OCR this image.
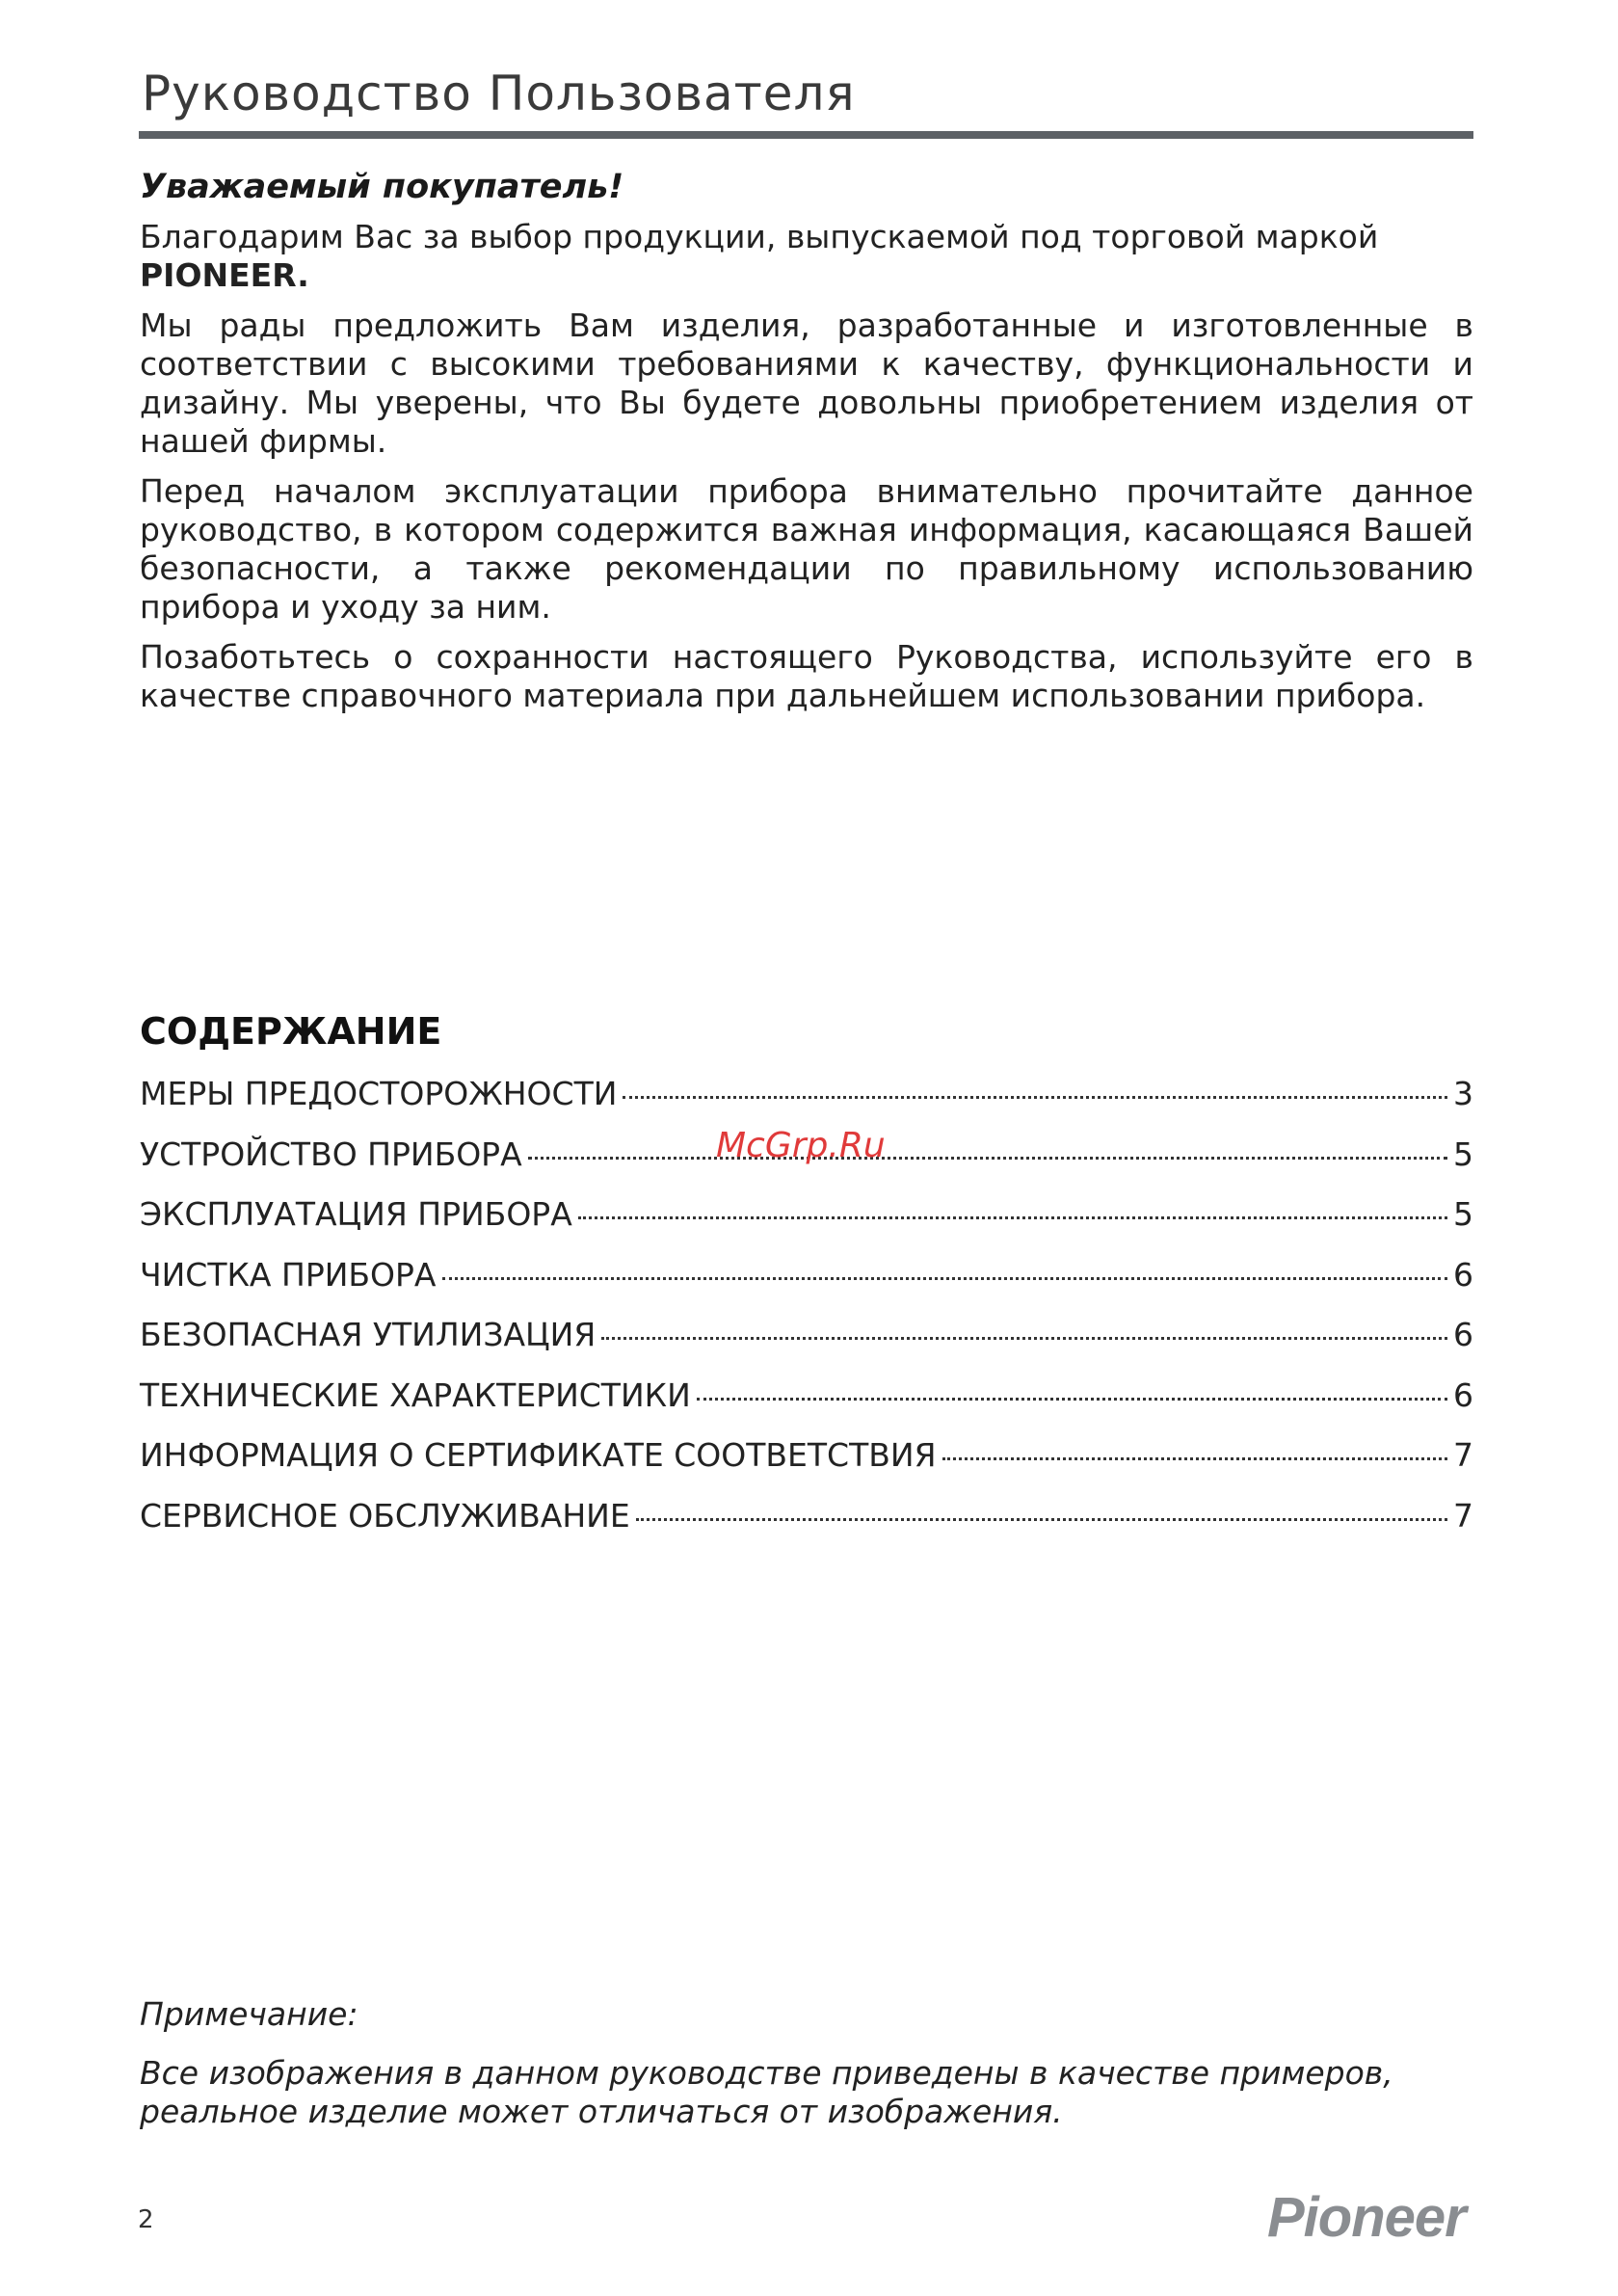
Руководство Пользователя

Уважаемый покупатель!

Благодарим Вас за выбор продукции, выпускаемой под торговой маркой
PIONEER.

Мы рады предложить Вам изделия, разработанные и изготовленные в соответствии с высокими требованиями к качеству, функциональности и дизайну. Мы уверены, что Вы будете довольны приобретением изделия от нашей фирмы.

Перед началом эксплуатации прибора внимательно прочитайте данное руководство, в котором содержится важная информация, касающаяся Вашей безопасности, а также рекомендации по правильному использованию прибора и уходу за ним.

Позаботьтесь о сохранности настоящего Руководства, используйте его в качестве справочного материала при дальнейшем использовании прибора.

СОДЕРЖАНИЕ
МЕРЫ ПРЕДОСТОРОЖНОСТИ	3
УСТРОЙСТВО ПРИБОРА	5
ЭКСПЛУАТАЦИЯ ПРИБОРА	5
ЧИСТКА ПРИБОРА	6
БЕЗОПАСНАЯ УТИЛИЗАЦИЯ	6
ТЕХНИЧЕСКИЕ ХАРАКТЕРИСТИКИ	6
ИНФОРМАЦИЯ О СЕРТИФИКАТЕ СООТВЕТСТВИЯ	7
СЕРВИСНОЕ ОБСЛУЖИВАНИЕ	7
McGrp.Ru

Примечание:

Все изображения в данном руководстве приведены в качестве примеров, реальное изделие может отличаться от изображения.

2	Pioneer
